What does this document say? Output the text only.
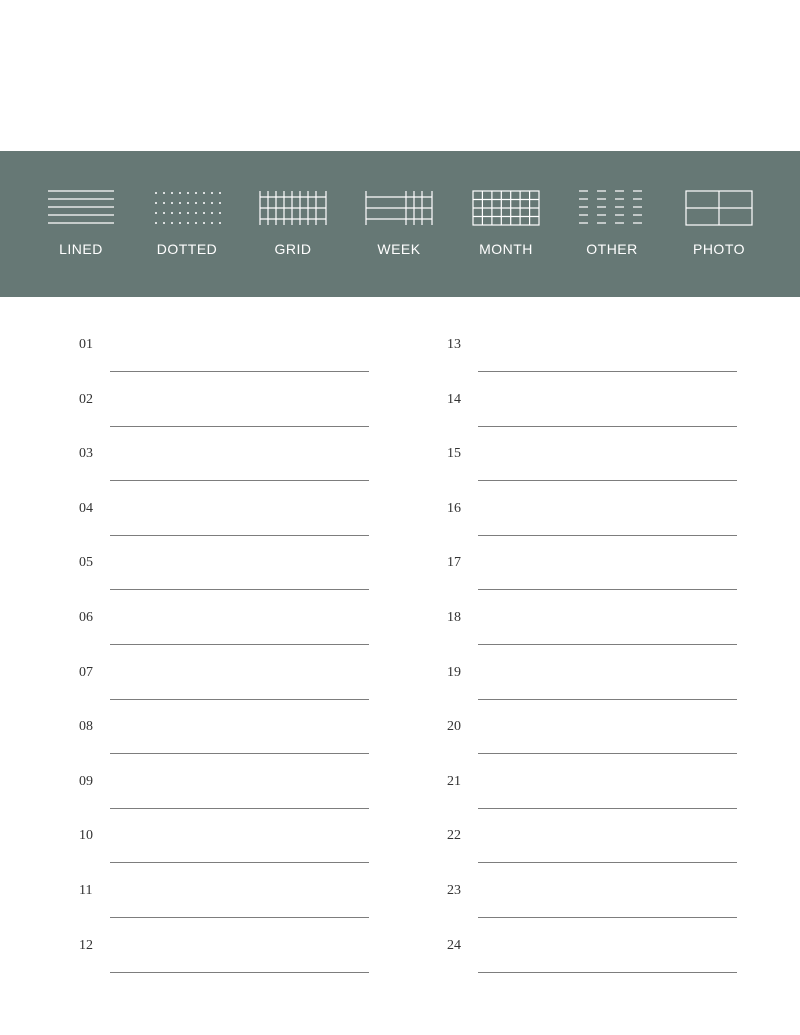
LINED	DOTTED	GRID	WEEK	MONTH	OTHER	PHOTO
01
02
03
04
05
06
07
08
09
10
11
12
13
14
15
16
17
18
19
20
21
22
23
24
